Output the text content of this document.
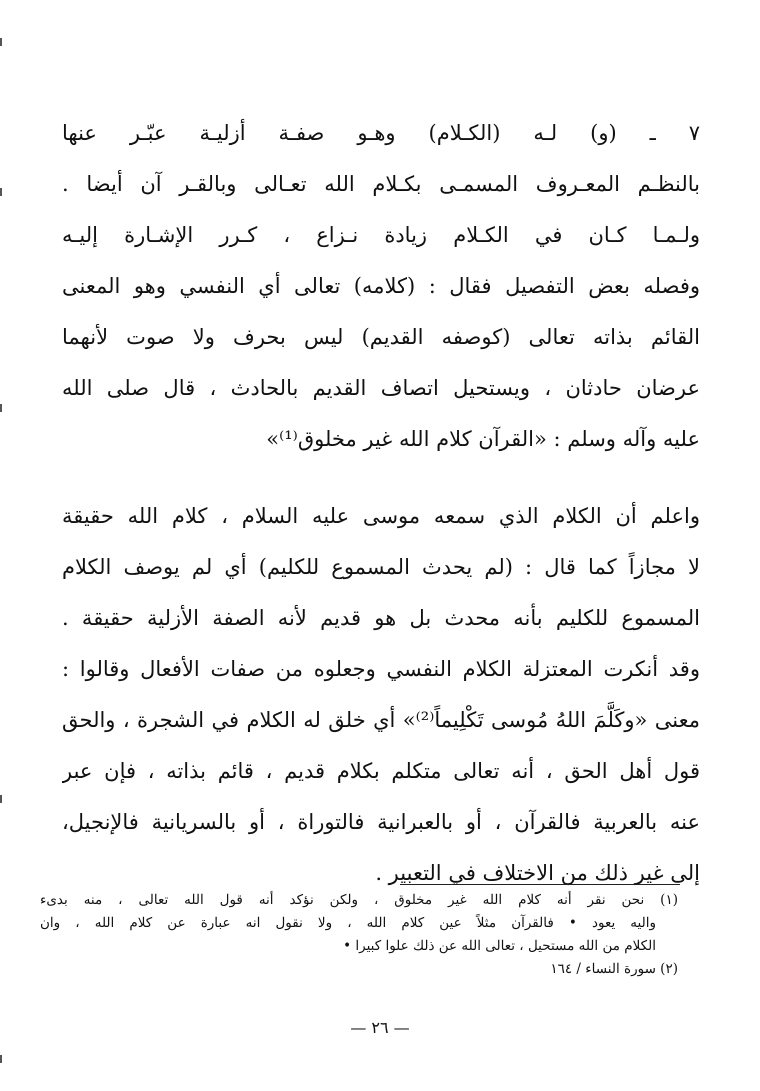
٧ ـ (و) لـه (الكـلام) وهـو صفـة أزليـة عبّـر عنها
بالنظـم المعـروف المسمـى بكـلام الله تعـالى وبالقـر آن أيضا .
ولـمـا كـان في الكـلام زيادة نـزاع ، كـرر الإشـارة إليـه
وفصله بعض التفصيل فقال : (كلامه) تعالى أي النفسي وهو المعنى
القائم بذاته تعالى (كوصفه القديم) ليس بحرف ولا صوت لأنهما
عرضان حادثان ، ويستحيل اتصاف القديم بالحادث ، قال صلى الله
عليه وآله وسلم : «القرآن كلام الله غير مخلوق⁽¹⁾»
واعلم أن الكلام الذي سمعه موسى عليه السلام ، كلام الله حقيقة
لا مجازاً كما قال : (لم يحدث المسموع للكليم) أي لم يوصف الكلام
المسموع للكليم بأنه محدث بل هو قديم لأنه الصفة الأزلية حقيقة .
وقد أنكرت المعتزلة الكلام النفسي وجعلوه من صفات الأفعال وقالوا :
معنى «وكَلَّمَ اللهُ مُوسى تَكْلِيماً⁽²⁾» أي خلق له الكلام في الشجرة ، والحق
قول أهل الحق ، أنه تعالى متكلم بكلام قديم ، قائم بذاته ، فإن عبر
عنه بالعربية فالقرآن ، أو بالعبرانية فالتوراة ، أو بالسريانية فالإنجيل،
إلى غير ذلك من الاختلاف في التعبير .
(١) نحن نقر أنه كلام الله غير مخلوق ، ولكن نؤكد أنه قول الله تعالى ، منه بدىء
واليه يعود • فالقرآن مثلاً عين كلام الله ، ولا نقول انه عبارة عن كلام الله ، وان
الكلام من الله مستحيل ، تعالى الله عن ذلك علوا كبيرا •
(٢) سورة النساء / ١٦٤
— ٢٦ —
